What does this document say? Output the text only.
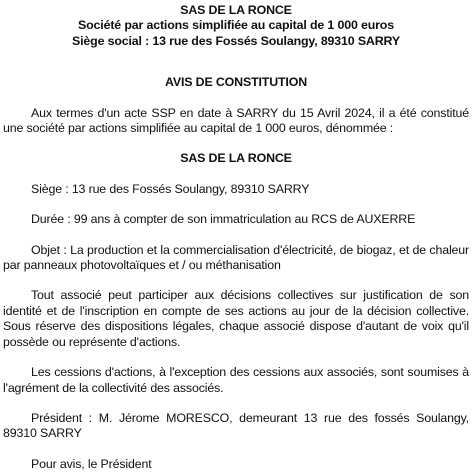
SAS DE LA RONCE
Société par actions simplifiée au capital de 1 000 euros
Siège social : 13 rue des Fossés Soulangy, 89310 SARRY
AVIS DE CONSTITUTION

Aux termes d'un acte SSP en date à SARRY du 15 Avril 2024, il a été constitué une société par actions simplifiée au capital de 1 000 euros, dénommée :

SAS DE LA RONCE

Siège : 13 rue des Fossés Soulangy, 89310 SARRY

Durée : 99 ans à compter de son immatriculation au RCS de AUXERRE

Objet : La production et la commercialisation d'électricité, de biogaz, et de chaleur par panneaux photovoltaïques et / ou méthanisation

Tout associé peut participer aux décisions collectives sur justification de son identité et de l'inscription en compte de ses actions au jour de la décision collective. Sous réserve des dispositions légales, chaque associé dispose d'autant de voix qu'il possède ou représente d'actions.

Les cessions d'actions, à l'exception des cessions aux associés, sont soumises à l'agrément de la collectivité des associés.

Président : M. Jérome MORESCO, demeurant 13 rue des fossés Soulangy, 89310 SARRY

Pour avis, le Président
